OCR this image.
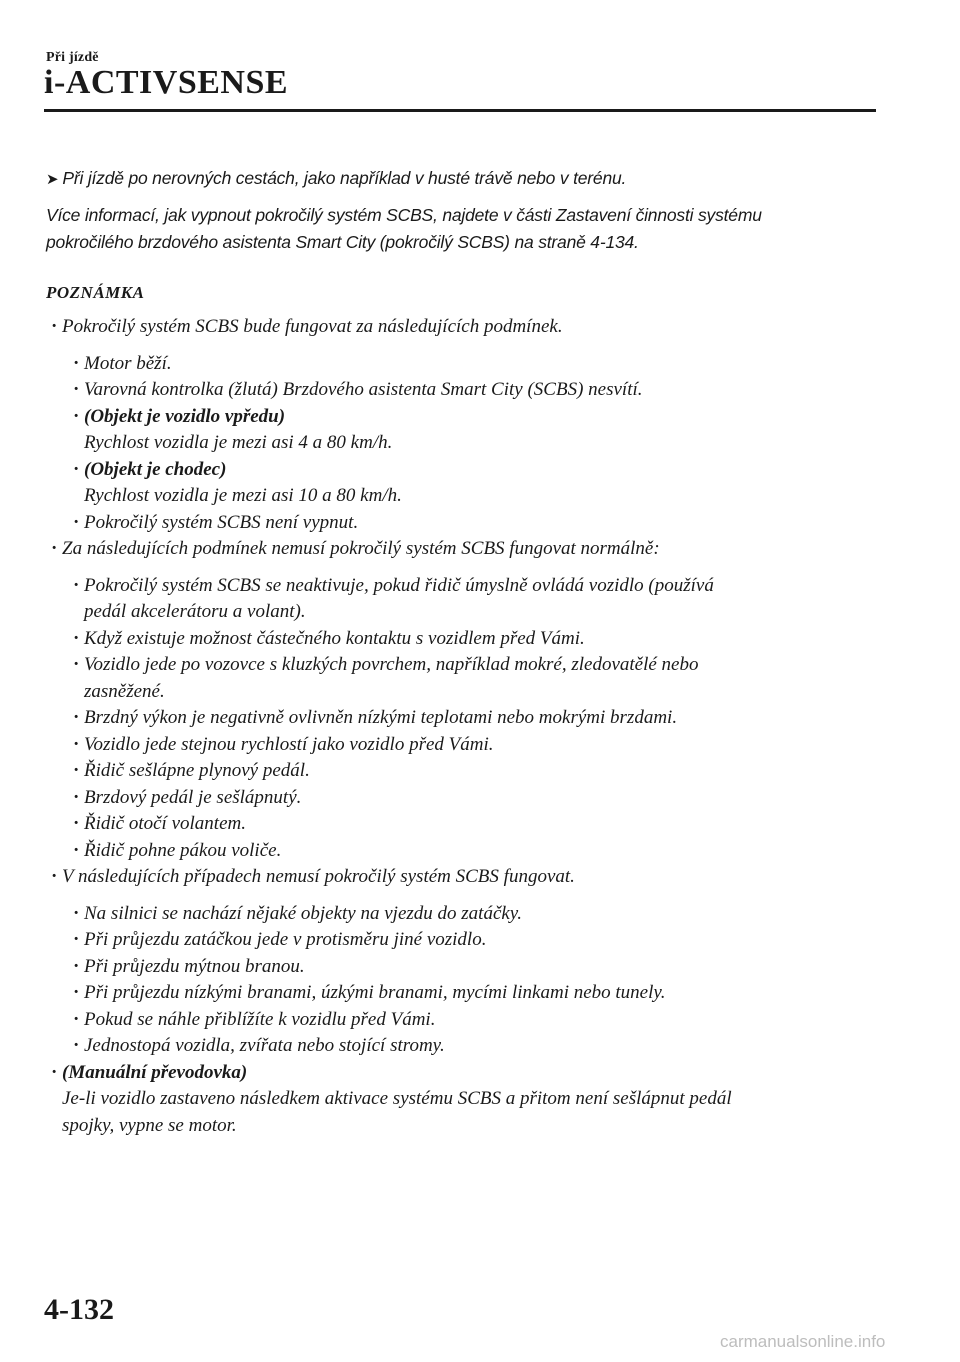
Při jízdě
i-ACTIVSENSE
➤ Při jízdě po nerovných cestách, jako například v husté trávě nebo v terénu.
Více informací, jak vypnout pokročilý systém SCBS, najdete v části Zastavení činnosti systému
pokročilého brzdového asistenta Smart City (pokročilý SCBS) na straně 4-134.
POZNÁMKA
· Pokročilý systém SCBS bude fungovat za následujících podmínek.
· Motor běží.
· Varovná kontrolka (žlutá) Brzdového asistenta Smart City (SCBS) nesvítí.
· (Objekt je vozidlo vpředu)
Rychlost vozidla je mezi asi 4 a 80 km/h.
· (Objekt je chodec)
Rychlost vozidla je mezi asi 10 a 80 km/h.
· Pokročilý systém SCBS není vypnut.
· Za následujících podmínek nemusí pokročilý systém SCBS fungovat normálně:
· Pokročilý systém SCBS se neaktivuje, pokud řidič úmyslně ovládá vozidlo (používá
pedál akcelerátoru a volant).
· Když existuje možnost částečného kontaktu s vozidlem před Vámi.
· Vozidlo jede po vozovce s kluzkých povrchem, například mokré, zledovatělé nebo
zasněžené.
· Brzdný výkon je negativně ovlivněn nízkými teplotami nebo mokrými brzdami.
· Vozidlo jede stejnou rychlostí jako vozidlo před Vámi.
· Řidič sešlápne plynový pedál.
· Brzdový pedál je sešlápnutý.
· Řidič otočí volantem.
· Řidič pohne pákou voliče.
· V následujících případech nemusí pokročilý systém SCBS fungovat.
· Na silnici se nachází nějaké objekty na vjezdu do zatáčky.
· Při průjezdu zatáčkou jede v protisměru jiné vozidlo.
· Při průjezdu mýtnou branou.
· Při průjezdu nízkými branami, úzkými branami, mycími linkami nebo tunely.
· Pokud se náhle přiblížíte k vozidlu před Vámi.
· Jednostopá vozidla, zvířata nebo stojící stromy.
· (Manuální převodovka)
Je-li vozidlo zastaveno následkem aktivace systému SCBS a přitom není sešlápnut pedál
spojky, vypne se motor.
4-132
carmanualsonline.info
